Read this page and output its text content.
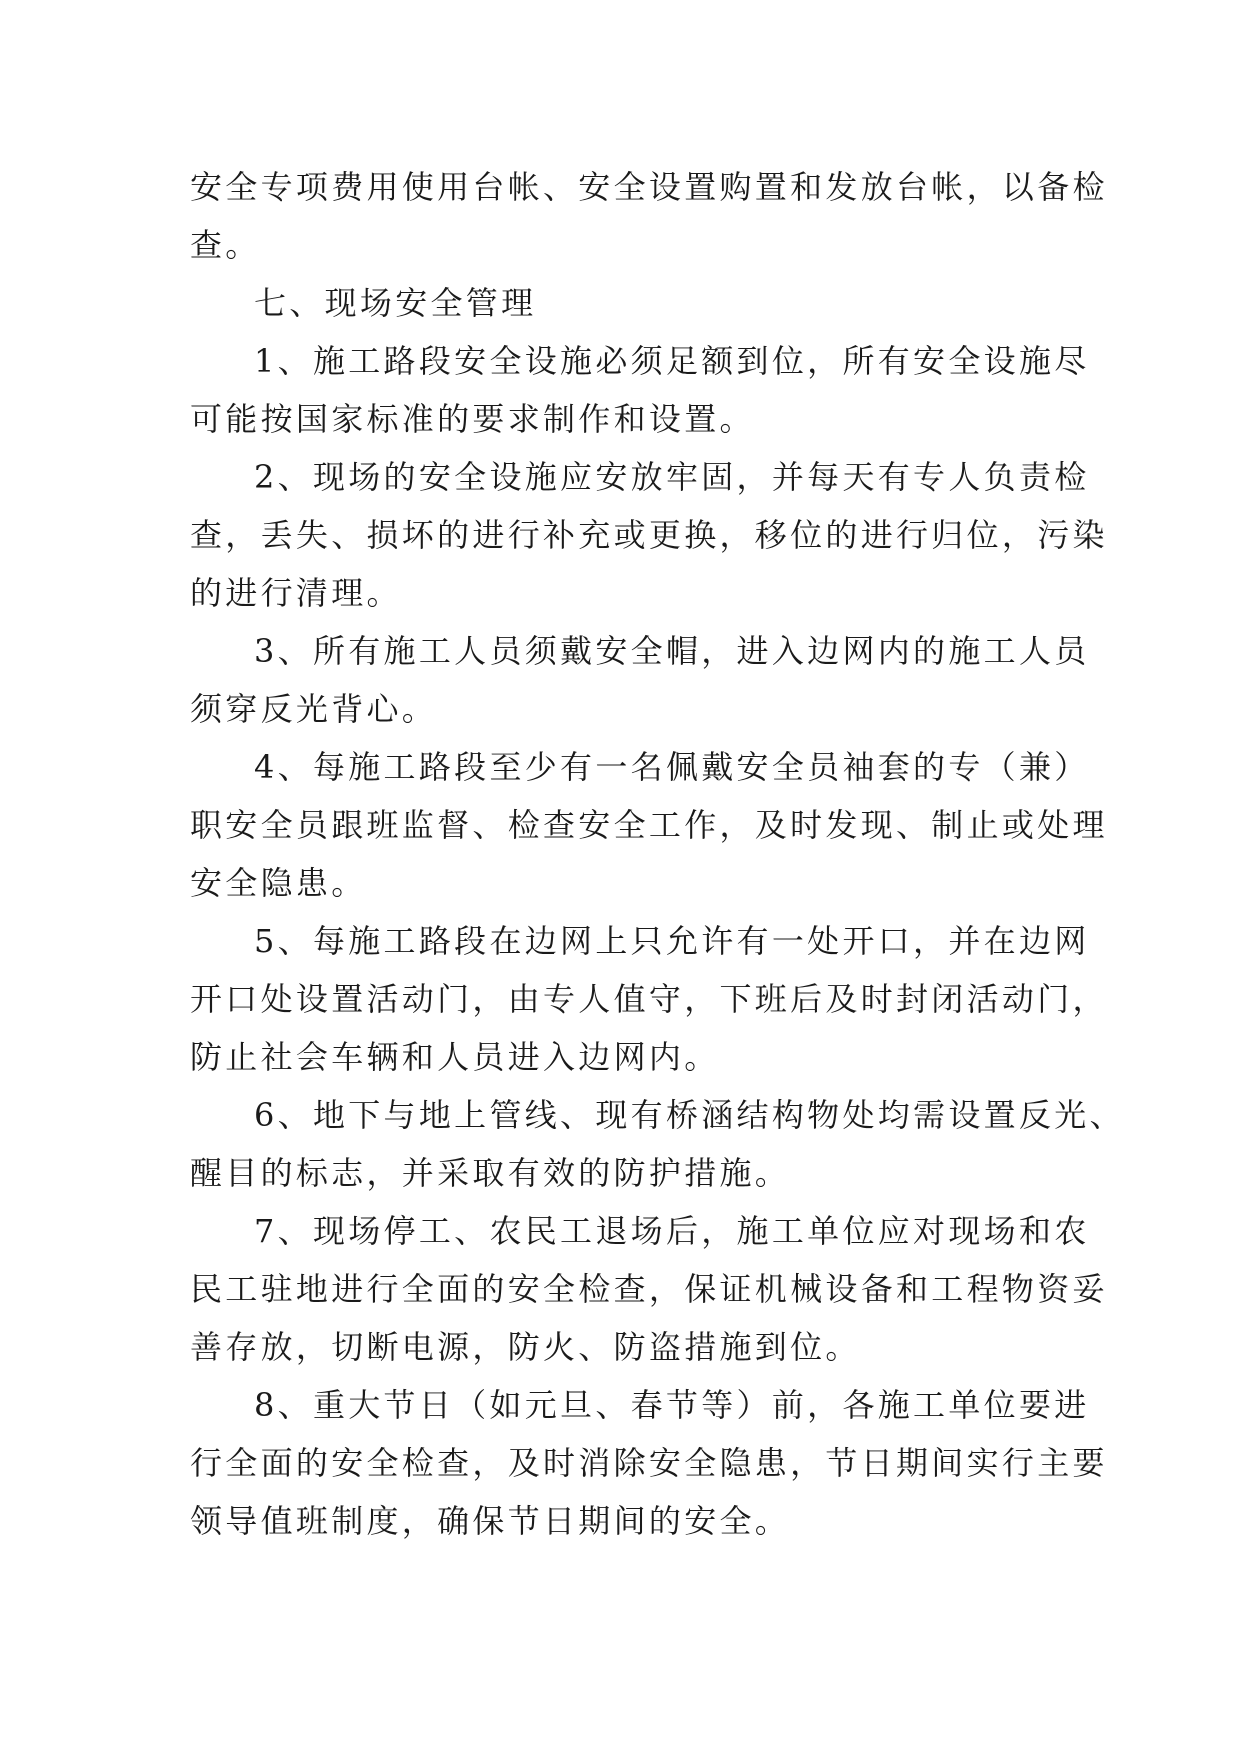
安全专项费用使用台帐、安全设置购置和发放台帐，以备检
查。
七、现场安全管理
1、施工路段安全设施必须足额到位，所有安全设施尽
可能按国家标准的要求制作和设置。
2、现场的安全设施应安放牢固，并每天有专人负责检
查，丢失、损坏的进行补充或更换，移位的进行归位，污染
的进行清理。
3、所有施工人员须戴安全帽，进入边网内的施工人员
须穿反光背心。
4、每施工路段至少有一名佩戴安全员袖套的专（兼）
职安全员跟班监督、检查安全工作，及时发现、制止或处理
安全隐患。
5、每施工路段在边网上只允许有一处开口，并在边网
开口处设置活动门，由专人值守，下班后及时封闭活动门，
防止社会车辆和人员进入边网内。
6、地下与地上管线、现有桥涵结构物处均需设置反光、
醒目的标志，并采取有效的防护措施。
7、现场停工、农民工退场后，施工单位应对现场和农
民工驻地进行全面的安全检查，保证机械设备和工程物资妥
善存放，切断电源，防火、防盗措施到位。
8、重大节日（如元旦、春节等）前，各施工单位要进
行全面的安全检查，及时消除安全隐患，节日期间实行主要
领导值班制度，确保节日期间的安全。
